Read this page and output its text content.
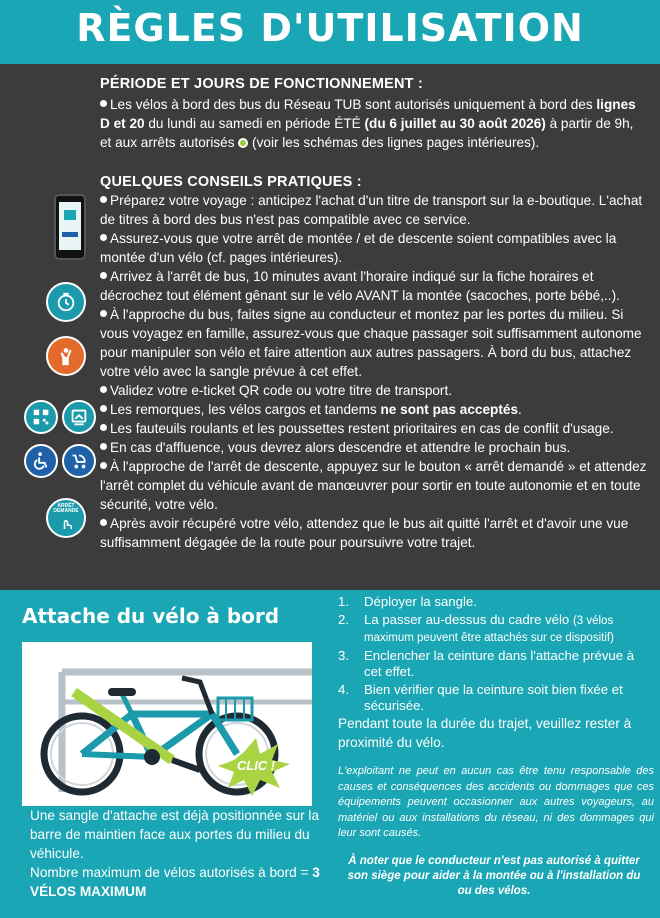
RÈGLES D'UTILISATION
PÉRIODE ET JOURS DE FONCTIONNEMENT :

Les vélos à bord des bus du Réseau TUB sont autorisés uniquement à bord des lignes D et 20 du lundi au samedi en période ÉTÉ (du 6 juillet au 30 août 2026) à partir de 9h, et aux arrêts autorisés  (voir les schémas des lignes pages intérieures).

QUELQUES CONSEILS PRATIQUES :

Préparez votre voyage : anticipez l'achat d'un titre de transport sur la e-boutique. L'achat de titres à bord des bus n'est pas compatible avec ce service.

Assurez-vous que votre arrêt de montée / et de descente soient compatibles avec la montée d'un vélo (cf. pages intérieures).

Arrivez à l'arrêt de bus, 10 minutes avant l'horaire indiqué sur la fiche horaires et décrochez tout élément gênant sur le vélo AVANT la montée (sacoches, porte bébé,..).

À l'approche du bus, faites signe au conducteur et montez par les portes du milieu. Si vous voyagez en famille, assurez-vous que chaque passager soit suffisamment autonome pour manipuler son vélo et faire attention aux autres passagers. À bord du bus, attachez votre vélo avec la sangle prévue à cet effet.

Validez votre e-ticket QR code ou votre titre de transport.

Les remorques, les vélos cargos et tandems ne sont pas acceptés.

Les fauteuils roulants et les poussettes restent prioritaires en cas de conflit d'usage.

En cas d'affluence, vous devrez alors descendre et attendre le prochain bus.

À l'approche de l'arrêt de descente, appuyez sur le bouton « arrêt demandé » et attendez l'arrêt complet du véhicule avant de manœuvrer pour sortir en toute autonomie et en toute sécurité, votre vélo.

Après avoir récupéré votre vélo, attendez que le bus ait quitté l'arrêt et d'avoir une vue suffisamment dégagée de la route pour poursuivre votre trajet.

ARRÊT DEMANDÉ
Attache du vélo à bord
CLIC !

Une sangle d'attache est déjà positionnée sur la barre de maintien face aux portes du milieu du véhicule.

Nombre maximum de vélos autorisés à bord = 3 VÉLOS MAXIMUM

1. Déployer la sangle.
2. La passer au-dessus du cadre vélo (3 vélos maximum peuvent être attachés sur ce dispositif)
3. Enclencher la ceinture dans l'attache prévue à cet effet.
4. Bien vérifier que la ceinture soit bien fixée et sécurisée.
Pendant toute la durée du trajet, veuillez rester à proximité du vélo.
L'exploitant ne peut en aucun cas être tenu responsable des causes et conséquences des accidents ou dommages que ces équipements peuvent occasionner aux autres voyageurs, au matériel ou aux installations du réseau, ni des dommages qui leur sont causés.
À noter que le conducteur n'est pas autorisé à quitter son siège pour aider à la montée ou à l'installation du ou des vélos.
